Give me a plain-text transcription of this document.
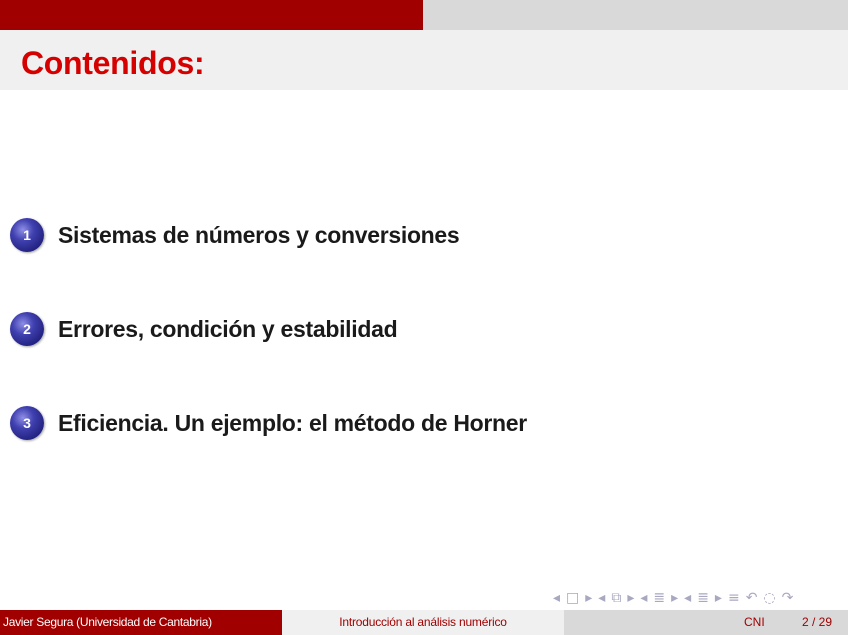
Contenidos:
1	Sistemas de números y conversiones
2	Errores, condición y estabilidad
3	Eficiencia. Un ejemplo: el método de Horner
◂ □ ▸ ◂ ⧉ ▸ ◂ ≣ ▸ ◂ ≣ ▸ ≡ ↶ ◌ ↷
Javier Segura (Universidad de Cantabria)	Introducción al análisis numérico	CNI	2 / 29
